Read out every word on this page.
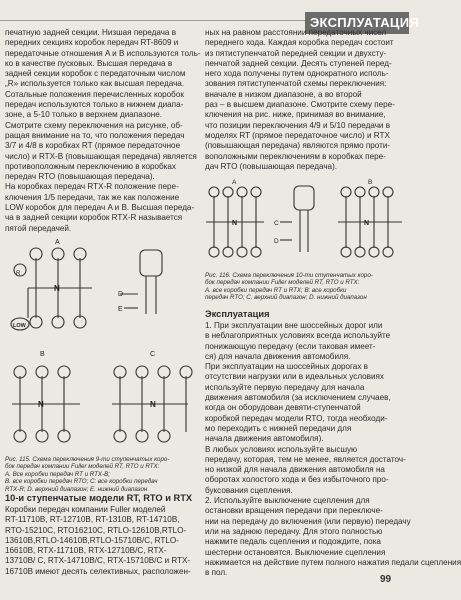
ЭКСПЛУАТАЦИЯ
печатную задней секции. Низшая передача в
передних секциях коробок передач RT-8609 и
передаточные отношения A и B используются толь-
ко в качестве пусковых. Высшая передача в
задней секции коробок с передаточным числом
„R» используется только как высшая передача.
Сотальные положения перечисленных коробок
передач используются только в нижнем диапа-
зоне, а 5-10 только в верхнем диапазоне.
Смотрите схему переключения на рисунке, об-
ращая внимание на то, что положения передач
3/7 и 4/8 в коробках RT (прямое передаточное
число) и RTX-B (повышающая передача) является
противоположным переключению в коробках
передач RTO (повышающая передача).
На коробках передач RTX-R положение пере-
ключения 1/5 передачи, так же как положение
LOW коробок для передач A и B. Высшая переда-
ча в задней секции коробок RTX-R называется
пятой передачей.
A
N
LOW
D
E
B
N
C
N
R
Рис. 115. Схема переключения 9-ти ступенчатых коро-
бок передач компании Fuller моделей RT, RTO и RTX:
A. Все коробки передач RT и RTX-B;
B. все коробки передач RTO; C: все коробки передач
RTX-R; D. верхний диапазон; E. нижний диапазон
10-и ступенчатые модели RT, RTO и RTX
Коробки передач компании Fuller моделей
RT-11710B, RT-12710B, RT-1310B, RT-14710B,
RTO-15210C, RTO16210C, RTLO-12610B,RTLO-
13610B,RTLO-14610B,RTLO-15710B/C, RTLO-
16610B, RTX-11710B, RTX-12710B/C, RTX-
13710B/ C, RTX-14710B/C, RTX-15710B/C и RTX-
16710B имеют десять селективных, расположен-
ных на равном расстоянии передаточных чисел
переднего хода. Каждая коробка передач состоит
из пятиступенчатой передней секции и двухсту-
пенчатой задней секции. Десять ступеней перед-
него хода получены путем однократного исполь-
зования пятиступенчатой схемы переключения:
вначале в низком диапазоне, а во второй
раз – в высшем диапазоне. Смотрите схему пере-
ключения на рис. ниже, принимая во внимание,
что позиции переключения 4/9 и 5/10 передачи в
моделях RT (прямое передаточное число) и RTX
(повышающая передача) являются прямо проти-
воположными переключениям в коробках пере-
дач RTO (повышающая передача).
A
N
B
N
C
D
Рис. 116. Схема переключения 10-ти ступенчатых коро-
бок передач компании Fuller моделей RT, RTO и RTX:
A. все коробки передач RT и RTX; B: все коробки
передач RTO; C. верхний диапазон; D. нижний диапазон
Эксплуатация
1. При эксплуатации вне шоссейных дорог или
в неблагоприятных условиях всегда используйте
понижающую передачу (если таковая имеет-
ся) для начала движения автомобиля.
При эксплуатации на шоссейных дорогах в
отсутствии нагрузки или в идеальных условиях
используйте первую передачу для начала
движения автомобиля (за исключением случаев,
когда он оборудован девяти-ступенчатой
коробкой передач модели RTO, тогда необходи-
мо переходить с нижней передачи для
начала движения автомобиля).
В любых условиях используйте высшую
передачу, которая, тем не менее, является достаточ-
но низкой для начала движения автомобиля на
оборотах холостого хода и без избыточного про-
буксования сцепления.
2. Используйте выключение сцепления для
остановки вращения передачи при переключе-
нии на передачу до включения (или первую) передачу
или на заднюю передачу. Для этого полностью
нажмите педаль сцепления и подождите, пока
шестерни остановятся. Выключение сцепления
нажимается на действие путем полного нажатия педали сцепления
в пол.
99
